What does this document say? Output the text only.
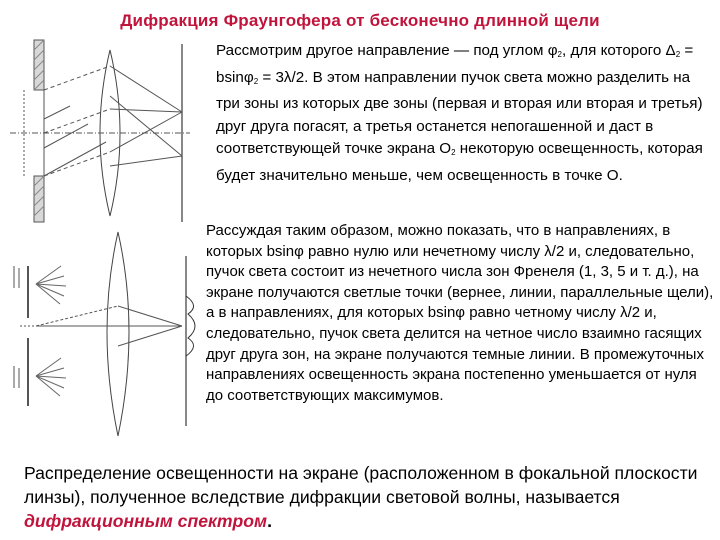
Дифракция Фраунгофера от бесконечно длинной щели

Рассмотрим другое направление — под углом $\varphi_2$, для которого $\Delta_2 = bsin\varphi_2 = 3\lambda/2$. В этом направлении пучок света можно разделить на три зоны из которых две зоны (первая и вторая или вторая и третья) друг друга погасят, а третья останется непогашенной и даст в соответствующей точке экрана $О_2$ некоторую освещенность, которая будет значительно меньше, чем освещенность в точке О.

Рассуждая таким образом, можно показать, что в направлениях, в которых bsinφ равно нулю или нечетному числу λ/2 и, следовательно, пучок света состоит из нечетного числа зон Френеля (1, 3, 5 и т. д.), на экране получаются светлые точки (вернее, линии, параллельные щели), а в направлениях, для которых bsinφ равно четному числу λ/2 и, следовательно, пучок света делится на четное число взаимно гасящих друг друга зон, на экране получаются темные линии. В промежуточных направлениях освещенность экрана постепенно уменьшается от нуля до соответствующих максимумов.

Распределение освещенности на экране (расположенном в фокальной плоскости линзы), полученное вследствие дифракции световой волны, называется дифракционным спектром.
